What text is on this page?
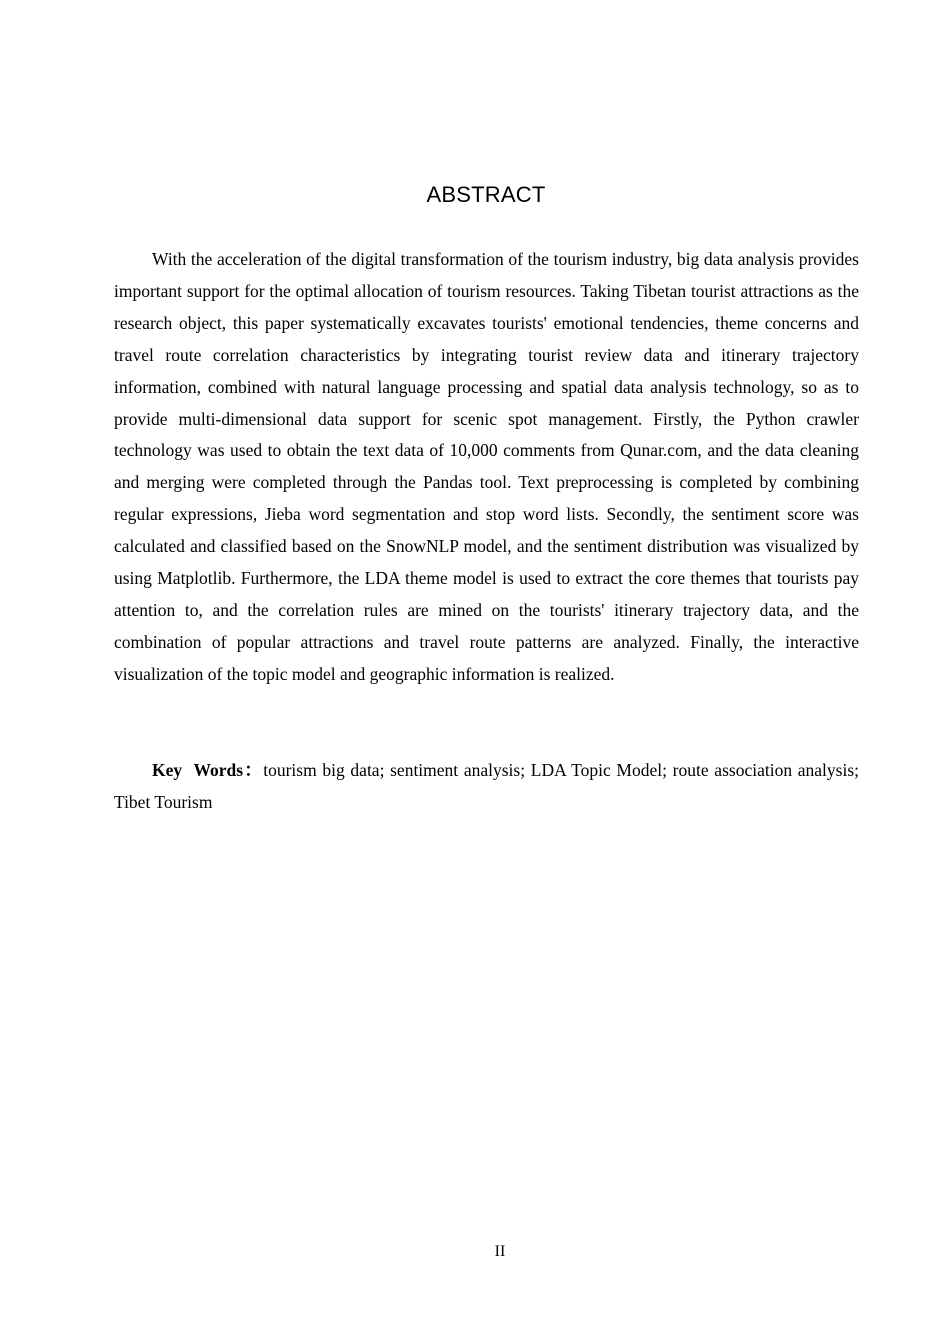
ABSTRACT

With the acceleration of the digital transformation of the tourism industry, big data analysis provides important support for the optimal allocation of tourism resources. Taking Tibetan tourist attractions as the research object, this paper systematically excavates tourists' emotional tendencies, theme concerns and travel route correlation characteristics by integrating tourist review data and itinerary trajectory information, combined with natural language processing and spatial data analysis technology, so as to provide multi-dimensional data support for scenic spot management. Firstly, the Python crawler technology was used to obtain the text data of 10,000 comments from Qunar.com, and the data cleaning and merging were completed through the Pandas tool. Text preprocessing is completed by combining regular expressions, Jieba word segmentation and stop word lists. Secondly, the sentiment score was calculated and classified based on the SnowNLP model, and the sentiment distribution was visualized by using Matplotlib. Furthermore, the LDA theme model is used to extract the core themes that tourists pay attention to, and the correlation rules are mined on the tourists' itinerary trajectory data, and the combination of popular attractions and travel route patterns are analyzed. Finally, the interactive visualization of the topic model and geographic information is realized.

Key Words：tourism big data; sentiment analysis; LDA Topic Model; route association analysis; Tibet Tourism

II
